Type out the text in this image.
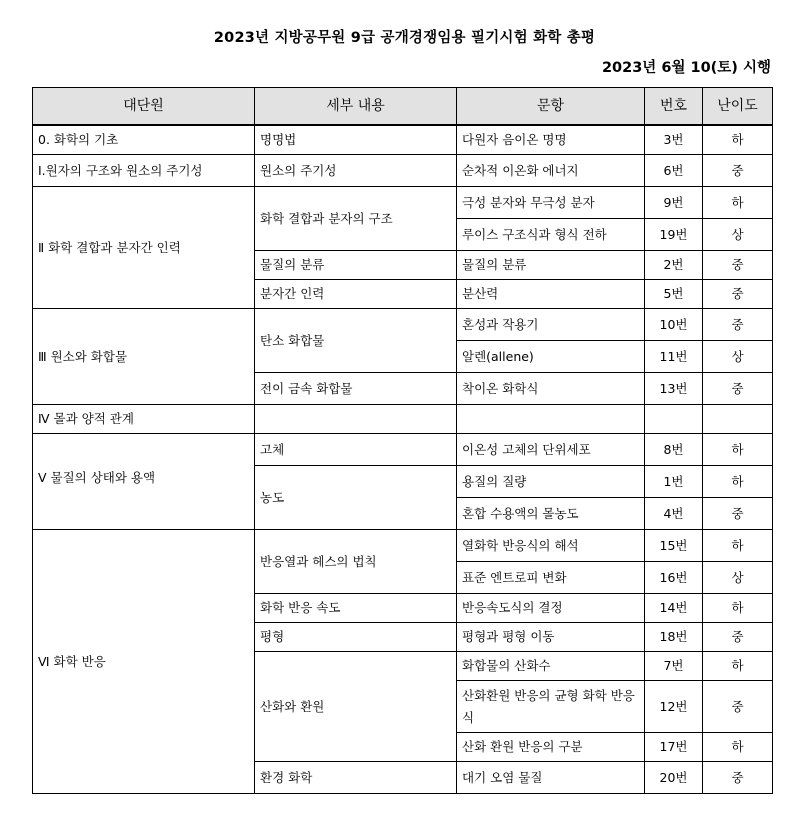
2023년 지방공무원 9급 공개경쟁임용 필기시험 화학 총평
2023년 6월 10(토) 시행
대단원	세부 내용	문항	번호	난이도
0. 화학의 기초	명명법	다원자 음이온 명명	3번	하
Ⅰ.원자의 구조와 원소의 주기성	원소의 주기성	순차적 이온화 에너지	6번	중
Ⅱ 화학 결합과 분자간 인력	화학 결합과 분자의 구조	극성 분자와 무극성 분자	9번	하
		루이스 구조식과 형식 전하	19번	상
	물질의 분류	물질의 분류	2번	중
	분자간 인력	분산력	5번	중
Ⅲ 원소와 화합물	탄소 화합물	혼성과 작용기	10번	중
		알렌(allene)	11번	상
	전이 금속 화합물	착이온 화학식	13번	중
Ⅳ 몰과 양적 관계				
Ⅴ 물질의 상태와 용액	고체	이온성 고체의 단위세포	8번	하
	농도	용질의 질량	1번	하
		혼합 수용액의 몰농도	4번	중
Ⅵ 화학 반응	반응열과 헤스의 법칙	열화학 반응식의 해석	15번	하
		표준 엔트로피 변화	16번	상
	화학 반응 속도	반응속도식의 결정	14번	하
	평형	평형과 평형 이동	18번	중
	산화와 환원	화합물의 산화수	7번	하
		산화환원 반응의 균형 화학 반응식	12번	중
		산화 환원 반응의 구분	17번	하
	환경 화학	대기 오염 물질	20번	중
